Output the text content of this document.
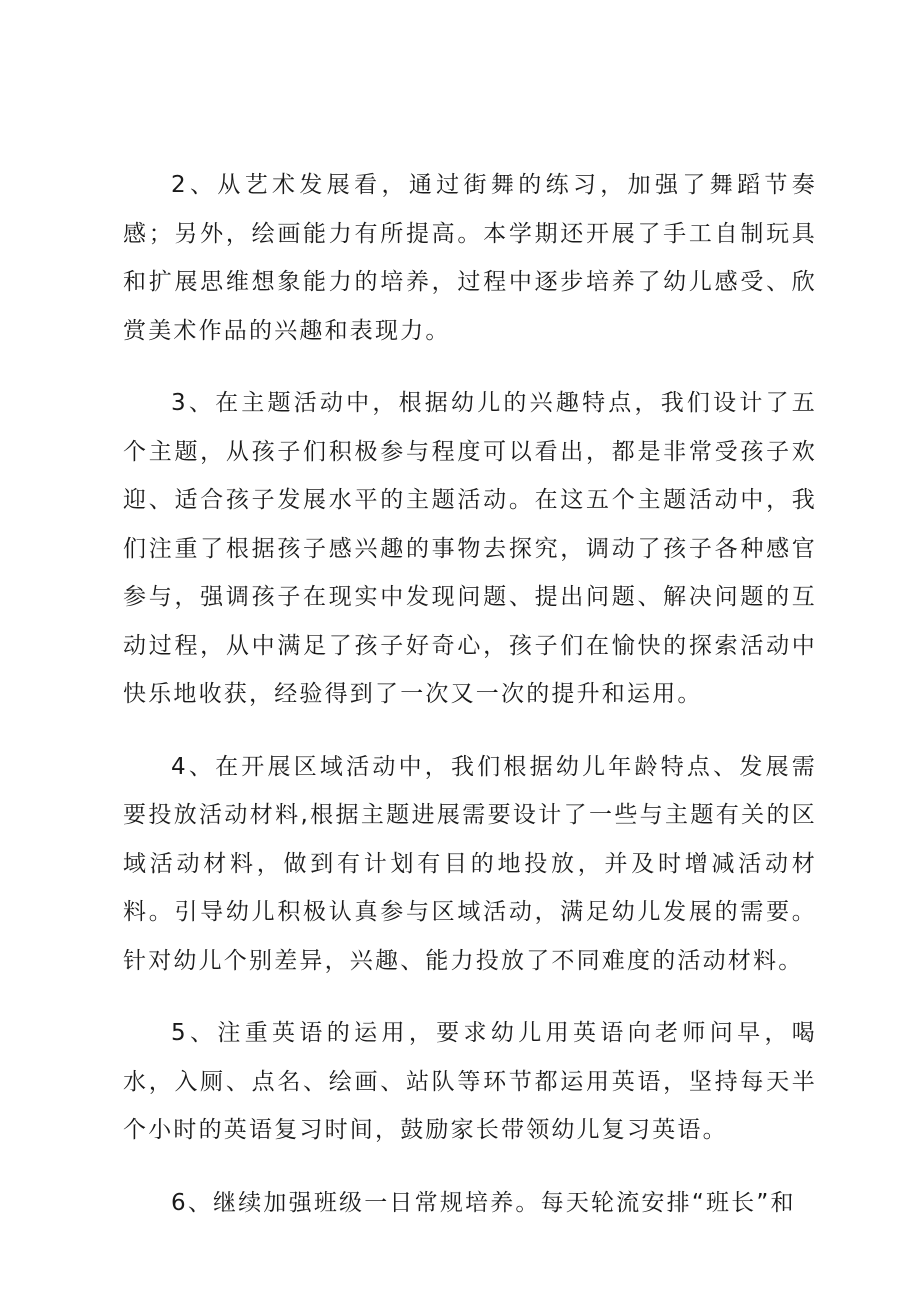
2、从艺术发展看，通过街舞的练习，加强了舞蹈节奏感；另外，绘画能力有所提高。本学期还开展了手工自制玩具和扩展思维想象能力的培养，过程中逐步培养了幼儿感受、欣赏美术作品的兴趣和表现力。

3、在主题活动中，根据幼儿的兴趣特点，我们设计了五个主题，从孩子们积极参与程度可以看出，都是非常受孩子欢迎、适合孩子发展水平的主题活动。在这五个主题活动中，我们注重了根据孩子感兴趣的事物去探究，调动了孩子各种感官参与，强调孩子在现实中发现问题、提出问题、解决问题的互动过程，从中满足了孩子好奇心，孩子们在愉快的探索活动中快乐地收获，经验得到了一次又一次的提升和运用。

4、在开展区域活动中，我们根据幼儿年龄特点、发展需要投放活动材料,根据主题进展需要设计了一些与主题有关的区域活动材料，做到有计划有目的地投放，并及时增减活动材料。引导幼儿积极认真参与区域活动，满足幼儿发展的需要。针对幼儿个别差异，兴趣、能力投放了不同难度的活动材料。

5、注重英语的运用，要求幼儿用英语向老师问早，喝水，入厕、点名、绘画、站队等环节都运用英语，坚持每天半个小时的英语复习时间，鼓励家长带领幼儿复习英语。

6、继续加强班级一日常规培养。每天轮流安排“班长”和
